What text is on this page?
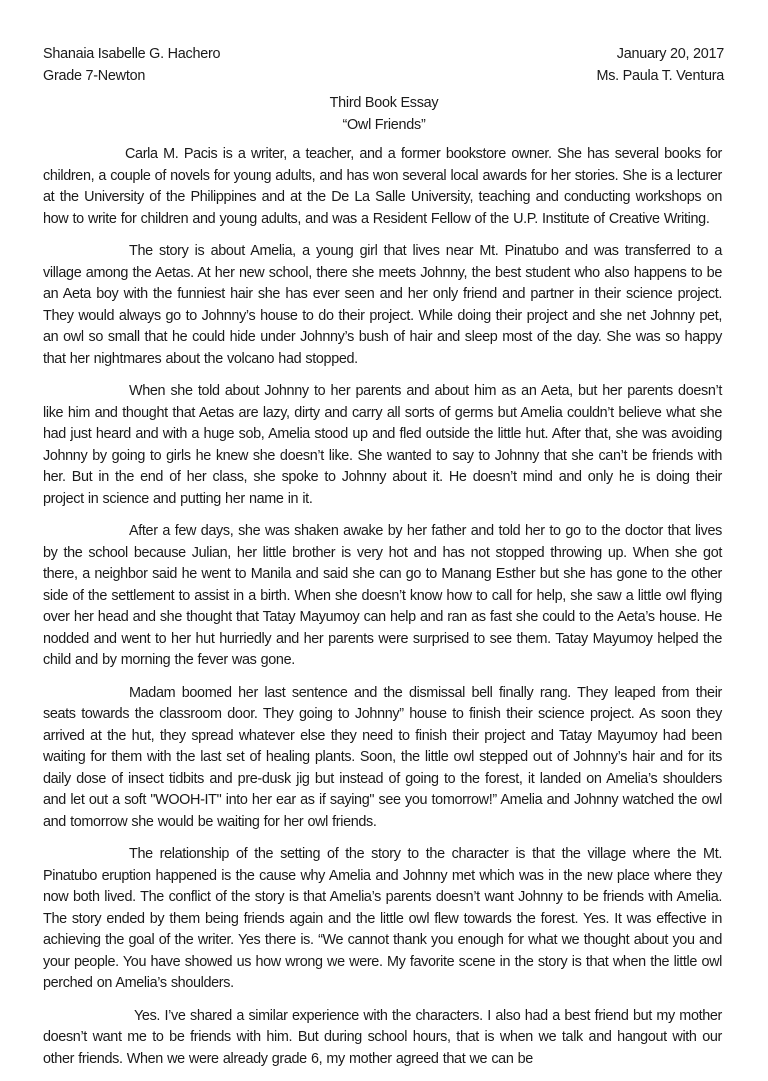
Shanaia Isabelle G. Hachero
Grade 7-Newton
January 20, 2017
Ms. Paula T. Ventura
Third Book Essay
“Owl Friends”

Carla M. Pacis is a writer, a teacher, and a former bookstore owner. She has several books for children, a couple of novels for young adults, and has won several local awards for her stories. She is a lecturer at the University of the Philippines and at the De La Salle University, teaching and conducting workshops on how to write for children and young adults, and was a Resident Fellow of the U.P. Institute of Creative Writing.

The story is about Amelia, a young girl that lives near Mt. Pinatubo and was transferred to a village among the Aetas. At her new school, there she meets Johnny, the best student who also happens to be an Aeta boy with the funniest hair she has ever seen and her only friend and partner in their science project. They would always go to Johnny’s house to do their project. While doing their project and she net Johnny pet, an owl so small that he could hide under Johnny’s bush of hair and sleep most of the day. She was so happy that her nightmares about the volcano had stopped.

When she told about Johnny to her parents and about him as an Aeta, but her parents doesn’t like him and thought that Aetas are lazy, dirty and carry all sorts of germs but Amelia couldn’t believe what she had just heard and with a huge sob, Amelia stood up and fled outside the little hut. After that, she was avoiding Johnny by going to girls he knew she doesn’t like. She wanted to say to Johnny that she can’t be friends with her. But in the end of her class, she spoke to Johnny about it. He doesn’t mind and only he is doing their project in science and putting her name in it.

After a few days, she was shaken awake by her father and told her to go to the doctor that lives by the school because Julian, her little brother is very hot and has not stopped throwing up. When she got there, a neighbor said he went to Manila and said she can go to Manang Esther but she has gone to the other side of the settlement to assist in a birth. When she doesn’t know how to call for help, she saw a little owl flying over her head and she thought that Tatay Mayumoy can help and ran as fast she could to the Aeta’s house. He nodded and went to her hut hurriedly and her parents were surprised to see them. Tatay Mayumoy helped the child and by morning the fever was gone.

Madam boomed her last sentence and the dismissal bell finally rang. They leaped from their seats towards the classroom door. They going to Johnny” house to finish their science project. As soon they arrived at the hut, they spread whatever else they need to finish their project and Tatay Mayumoy had been waiting for them with the last set of healing plants. Soon, the little owl stepped out of Johnny’s hair and for its daily dose of insect tidbits and pre-dusk jig but instead of going to the forest, it landed on Amelia’s shoulders and let out a soft "WOOH-IT" into her ear as if saying" see you tomorrow!” Amelia and Johnny watched the owl and tomorrow she would be waiting for her owl friends.

The relationship of the setting of the story to the character is that the village where the Mt. Pinatubo eruption happened is the cause why Amelia and Johnny met which was in the new place where they now both lived. The conflict of the story is that Amelia’s parents doesn’t want Johnny to be friends with Amelia. The story ended by them being friends again and the little owl flew towards the forest. Yes. It was effective in achieving the goal of the writer. Yes there is. “We cannot thank you enough for what we thought about you and your people. You have showed us how wrong we were. My favorite scene in the story is that when the little owl perched on Amelia’s shoulders.

Yes. I’ve shared a similar experience with the characters. I also had a best friend but my mother doesn’t want me to be friends with him. But during school hours, that is when we talk and hangout with our other friends. When we were already grade 6, my mother agreed that we can be
